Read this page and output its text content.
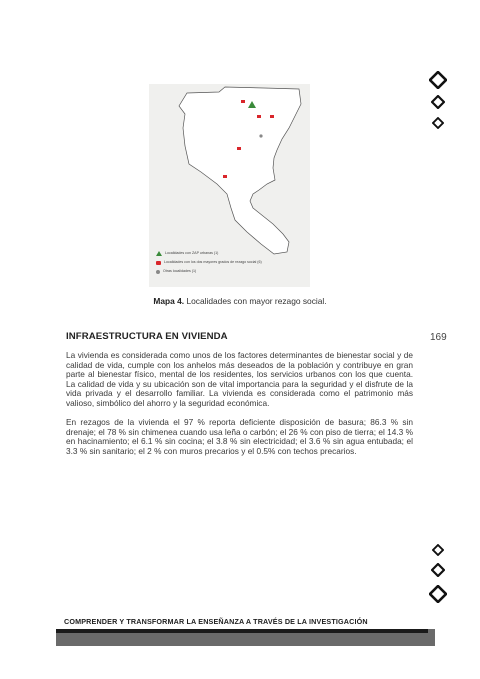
Localidades con ZAP urbanas (1)
Localidades con los dos mayores grados de rezago social (6)
Otras localidades (1)
Mapa 4. Localidades con mayor rezago social.
169
INFRAESTRUCTURA EN VIVIENDA
La vivienda es considerada como unos de los factores determinantes de bienestar social y de calidad de vida, cumple con los anhelos más deseados de la población y contribuye en gran parte al bienestar físico, mental de los residentes, los servicios urbanos con los que cuenta. La calidad de vida y su ubicación son de vital importancia para la seguridad y el disfrute de la vida privada y el desarrollo familiar. La vivienda es considerada como el patrimonio más valioso, simbólico del ahorro y la seguridad económica.
En rezagos de la vivienda el 97 % reporta deficiente disposición de basura; 86.3 % sin drenaje; el 78 % sin chimenea cuando usa leña o carbón; el 26 % con piso de tierra; el 14.3 % en hacinamiento; el 6.1 % sin cocina; el 3.8 % sin electricidad; el 3.6 % sin agua entubada; el 3.3 % sin sanitario; el 2 % con muros precarios y el 0.5% con techos precarios.
COMPRENDER Y TRANSFORMAR LA ENSEÑANZA A TRAVÉS DE LA INVESTIGACIÓN
